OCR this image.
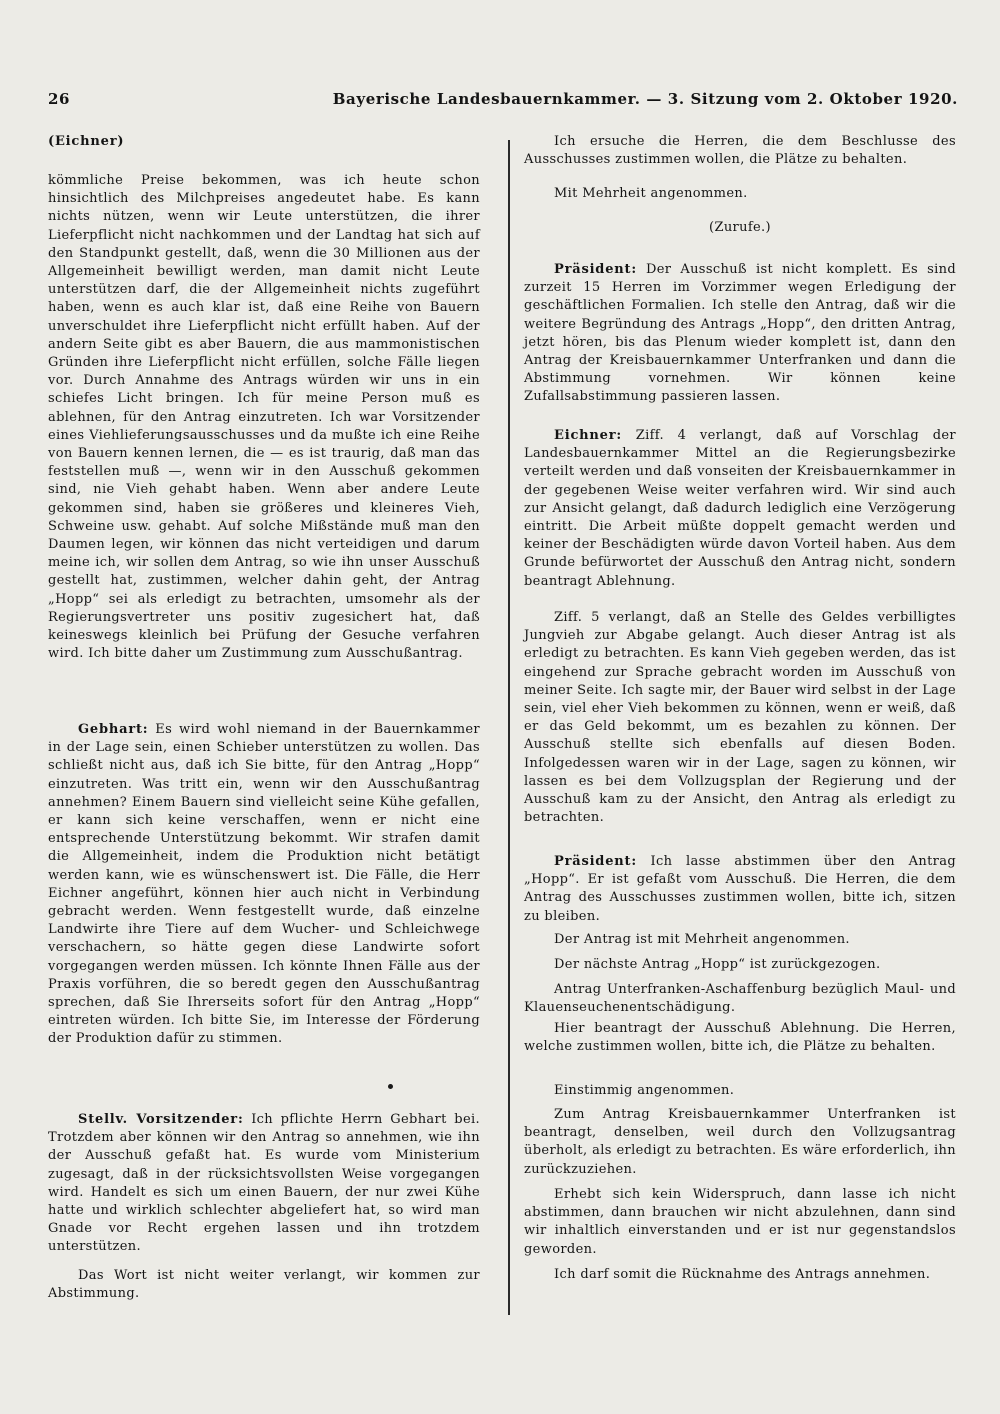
26	Bayerische Landesbauernkammer. — 3. Sitzung vom 2. Oktober 1920.

(Eichner)

kömmliche Preise bekommen, was ich heute schon hinsichtlich des Milchpreises angedeutet habe. Es kann nichts nützen, wenn wir Leute unterstützen, die ihrer Lieferpflicht nicht nachkommen und der Landtag hat sich auf den Standpunkt gestellt, daß, wenn die 30 Millionen aus der Allgemeinheit bewilligt werden, man damit nicht Leute unterstützen darf, die der Allgemeinheit nichts zugeführt haben, wenn es auch klar ist, daß eine Reihe von Bauern unverschuldet ihre Lieferpflicht nicht erfüllt haben. Auf der andern Seite gibt es aber Bauern, die aus mammonistischen Gründen ihre Lieferpflicht nicht erfüllen, solche Fälle liegen vor. Durch Annahme des Antrags würden wir uns in ein schiefes Licht bringen. Ich für meine Person muß es ablehnen, für den Antrag einzutreten. Ich war Vorsitzender eines Viehlieferungsausschusses und da mußte ich eine Reihe von Bauern kennen lernen, die — es ist traurig, daß man das feststellen muß —, wenn wir in den Ausschuß gekommen sind, nie Vieh gehabt haben. Wenn aber andere Leute gekommen sind, haben sie größeres und kleineres Vieh, Schweine usw. gehabt. Auf solche Mißstände muß man den Daumen legen, wir können das nicht verteidigen und darum meine ich, wir sollen dem Antrag, so wie ihn unser Ausschuß gestellt hat, zustimmen, welcher dahin geht, der Antrag „Hopp“ sei als erledigt zu betrachten, umsomehr als der Regierungsvertreter uns positiv zugesichert hat, daß keineswegs kleinlich bei Prüfung der Gesuche verfahren wird. Ich bitte daher um Zustimmung zum Ausschußantrag.

Gebhart: Es wird wohl niemand in der Bauernkammer in der Lage sein, einen Schieber unterstützen zu wollen. Das schließt nicht aus, daß ich Sie bitte, für den Antrag „Hopp“ einzutreten. Was tritt ein, wenn wir den Ausschußantrag annehmen? Einem Bauern sind vielleicht seine Kühe gefallen, er kann sich keine verschaffen, wenn er nicht eine entsprechende Unterstützung bekommt. Wir strafen damit die Allgemeinheit, indem die Produktion nicht betätigt werden kann, wie es wünschenswert ist. Die Fälle, die Herr Eichner angeführt, können hier auch nicht in Verbindung gebracht werden. Wenn festgestellt wurde, daß einzelne Landwirte ihre Tiere auf dem Wucher- und Schleichwege verschachern, so hätte gegen diese Landwirte sofort vorgegangen werden müssen. Ich könnte Ihnen Fälle aus der Praxis vorführen, die so beredt gegen den Ausschußantrag sprechen, daß Sie Ihrerseits sofort für den Antrag „Hopp“ eintreten würden. Ich bitte Sie, im Interesse der Förderung der Produktion dafür zu stimmen.

Stellv. Vorsitzender: Ich pflichte Herrn Gebhart bei. Trotzdem aber können wir den Antrag so annehmen, wie ihn der Ausschuß gefaßt hat. Es wurde vom Ministerium zugesagt, daß in der rücksichtsvollsten Weise vorgegangen wird. Handelt es sich um einen Bauern, der nur zwei Kühe hatte und wirklich schlechter abgeliefert hat, so wird man Gnade vor Recht ergehen lassen und ihn trotzdem unterstützen.

Das Wort ist nicht weiter verlangt, wir kommen zur Abstimmung.

Ich ersuche die Herren, die dem Beschlusse des Ausschusses zustimmen wollen, die Plätze zu behalten.

Mit Mehrheit angenommen.

(Zurufe.)

Präsident: Der Ausschuß ist nicht komplett. Es sind zurzeit 15 Herren im Vorzimmer wegen Erledigung der geschäftlichen Formalien. Ich stelle den Antrag, daß wir die weitere Begründung des Antrags „Hopp“, den dritten Antrag, jetzt hören, bis das Plenum wieder komplett ist, dann den Antrag der Kreisbauernkammer Unterfranken und dann die Abstimmung vornehmen. Wir können keine Zufallsabstimmung passieren lassen.

Eichner: Ziff. 4 verlangt, daß auf Vorschlag der Landesbauernkammer Mittel an die Regierungsbezirke verteilt werden und daß vonseiten der Kreisbauernkammer in der gegebenen Weise weiter verfahren wird. Wir sind auch zur Ansicht gelangt, daß dadurch lediglich eine Verzögerung eintritt. Die Arbeit müßte doppelt gemacht werden und keiner der Beschädigten würde davon Vorteil haben. Aus dem Grunde befürwortet der Ausschuß den Antrag nicht, sondern beantragt Ablehnung.

Ziff. 5 verlangt, daß an Stelle des Geldes verbilligtes Jungvieh zur Abgabe gelangt. Auch dieser Antrag ist als erledigt zu betrachten. Es kann Vieh gegeben werden, das ist eingehend zur Sprache gebracht worden im Ausschuß von meiner Seite. Ich sagte mir, der Bauer wird selbst in der Lage sein, viel eher Vieh bekommen zu können, wenn er weiß, daß er das Geld bekommt, um es bezahlen zu können. Der Ausschuß stellte sich ebenfalls auf diesen Boden. Infolgedessen waren wir in der Lage, sagen zu können, wir lassen es bei dem Vollzugsplan der Regierung und der Ausschuß kam zu der Ansicht, den Antrag als erledigt zu betrachten.

Präsident: Ich lasse abstimmen über den Antrag „Hopp“. Er ist gefaßt vom Ausschuß. Die Herren, die dem Antrag des Ausschusses zustimmen wollen, bitte ich, sitzen zu bleiben.

Der Antrag ist mit Mehrheit angenommen.

Der nächste Antrag „Hopp“ ist zurückgezogen.

Antrag Unterfranken-Aschaffenburg bezüglich Maul- und Klauenseuchenentschädigung.

Hier beantragt der Ausschuß Ablehnung. Die Herren, welche zustimmen wollen, bitte ich, die Plätze zu behalten.

Einstimmig angenommen.

Zum Antrag Kreisbauernkammer Unterfranken ist beantragt, denselben, weil durch den Vollzugsantrag überholt, als erledigt zu betrachten. Es wäre erforderlich, ihn zurückzuziehen.

Erhebt sich kein Widerspruch, dann lasse ich nicht abstimmen, dann brauchen wir nicht abzulehnen, dann sind wir inhaltlich einverstanden und er ist nur gegenstandslos geworden.

Ich darf somit die Rücknahme des Antrags annehmen.
